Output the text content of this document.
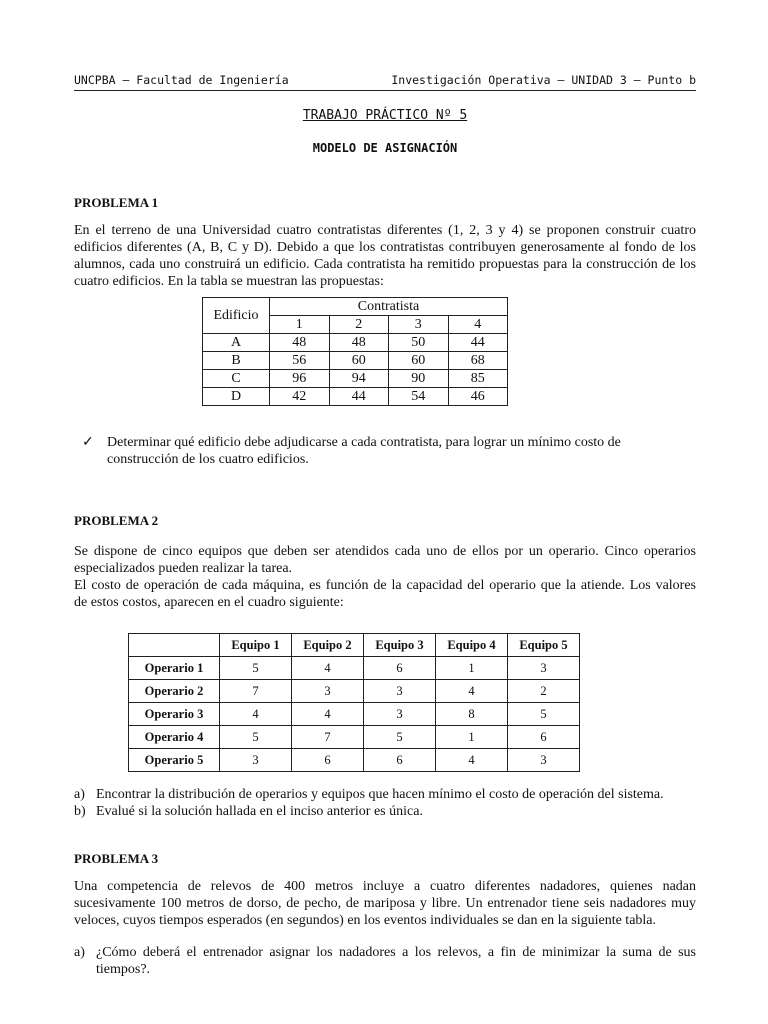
UNCPBA – Facultad de Ingeniería	Investigación Operativa – UNIDAD 3 – Punto b
TRABAJO PRÁCTICO Nº 5
MODELO DE ASIGNACIÓN
PROBLEMA 1
En el terreno de una Universidad cuatro contratistas diferentes (1, 2, 3 y 4) se proponen construir cuatro
edificios diferentes (A, B, C y D). Debido a que los contratistas contribuyen generosamente al fondo de los
alumnos, cada uno construirá un edificio. Cada contratista ha remitido propuestas para la construcción de los
cuatro edificios. En la tabla se muestran las propuestas:
Edificio	Contratista			
	1	2	3	4
A	48	48	50	44
B	56	60	60	68
C	96	94	90	85
D	42	44	54	46
✓ Determinar qué edificio debe adjudicarse a cada contratista, para lograr un mínimo costo de
construcción de los cuatro edificios.
PROBLEMA 2
Se dispone de cinco equipos que deben ser atendidos cada uno de ellos por un operario. Cinco operarios
especializados pueden realizar la tarea.
El costo de operación de cada máquina, es función de la capacidad del operario que la atiende. Los valores
de estos costos, aparecen en el cuadro siguiente:
	Equipo 1	Equipo 2	Equipo 3	Equipo 4	Equipo 5
Operario 1	5	4	6	1	3
Operario 2	7	3	3	4	2
Operario 3	4	4	3	8	5
Operario 4	5	7	5	1	6
Operario 5	3	6	6	4	3
a) Encontrar la distribución de operarios y equipos que hacen mínimo el costo de operación del sistema.
b) Evalué si la solución hallada en el inciso anterior es única.
PROBLEMA 3
Una competencia de relevos de 400 metros incluye a cuatro diferentes nadadores, quienes nadan
sucesivamente 100 metros de dorso, de pecho, de mariposa y libre. Un entrenador tiene seis nadadores muy
veloces, cuyos tiempos esperados (en segundos) en los eventos individuales se dan en la siguiente tabla.
a) ¿Cómo deberá el entrenador asignar los nadadores a los relevos, a fin de minimizar la suma de sus
tiempos?.
